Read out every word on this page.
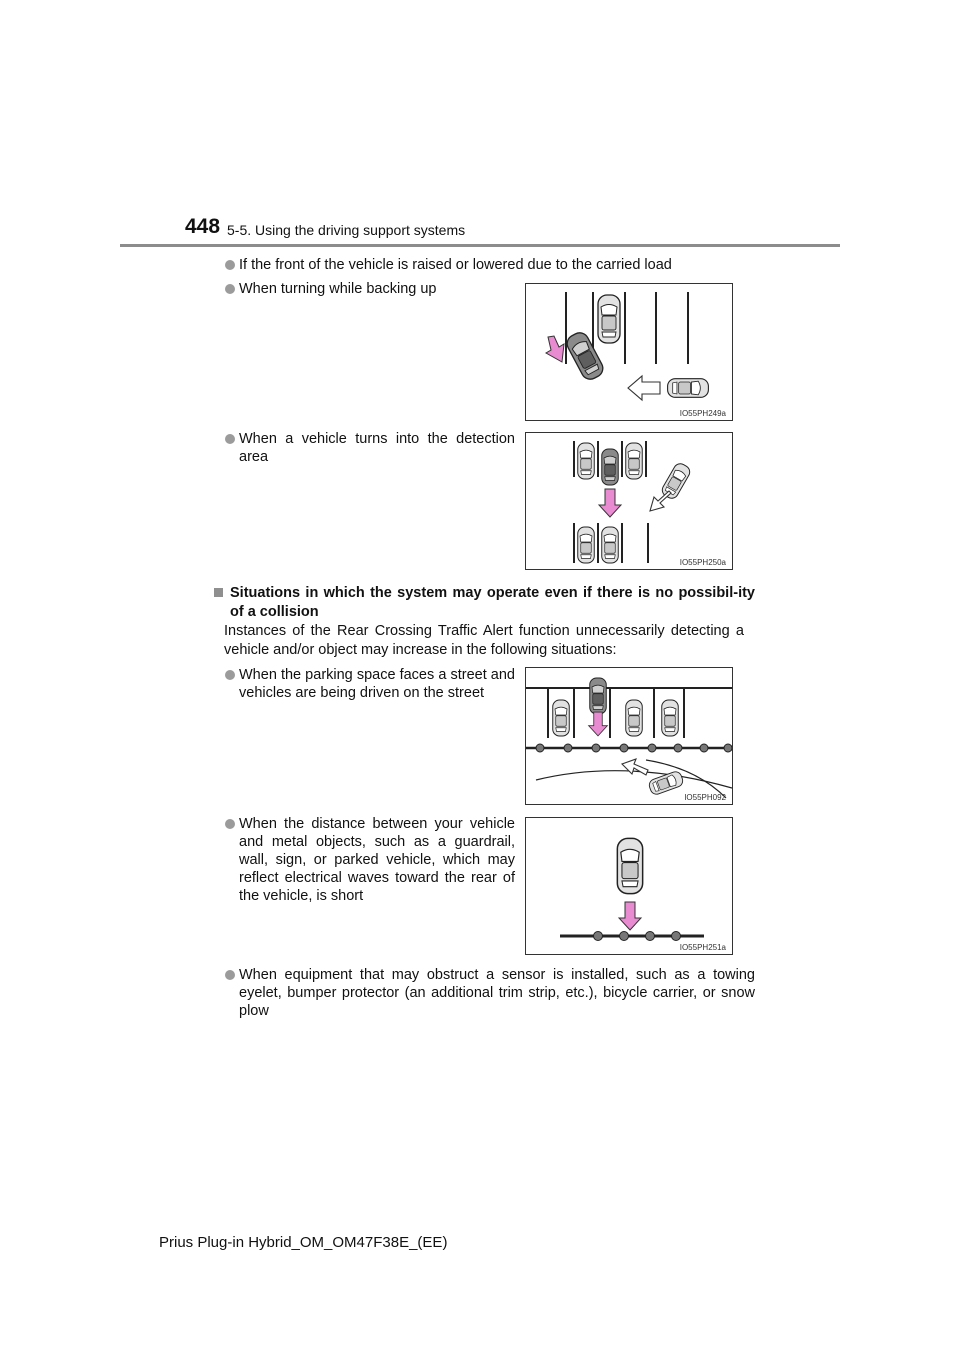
448 5-5. Using the driving support systems
If the front of the vehicle is raised or lowered due to the carried load
When turning while backing up
IO55PH249a
When a vehicle turns into the detection area
IO55PH250a
Situations in which the system may operate even if there is no possibil-ity of a collision
Instances of the Rear Crossing Traffic Alert function unnecessarily detecting a vehicle and/or object may increase in the following situations:
When the parking space faces a street and vehicles are being driven on the street
IO55PH092
When the distance between your vehicle and metal objects, such as a guardrail, wall, sign, or parked vehicle, which may reflect electrical waves toward the rear of the vehicle, is short
IO55PH251a
When equipment that may obstruct a sensor is installed, such as a towing eyelet, bumper protector (an additional trim strip, etc.), bicycle carrier, or snow plow
Prius Plug-in Hybrid_OM_OM47F38E_(EE)
